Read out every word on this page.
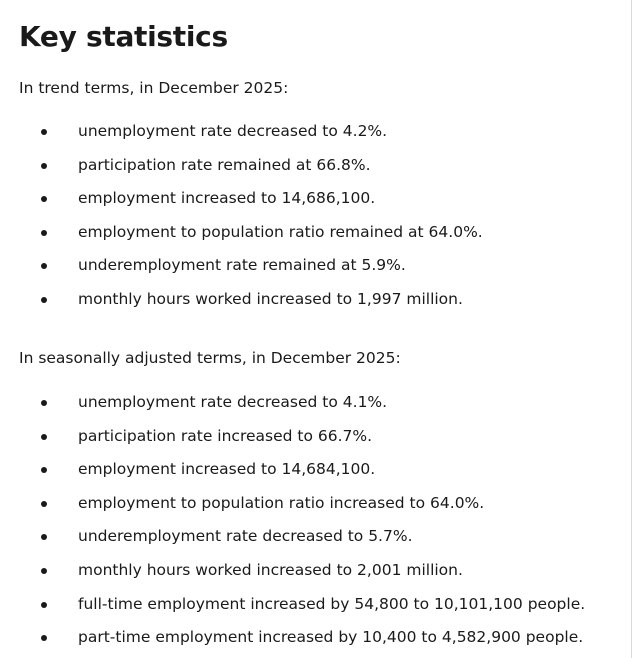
Key statistics

In trend terms, in December 2025:

unemployment rate decreased to 4.2%.
participation rate remained at 66.8%.
employment increased to 14,686,100.
employment to population ratio remained at 64.0%.
underemployment rate remained at 5.9%.
monthly hours worked increased to 1,997 million.

In seasonally adjusted terms, in December 2025:

unemployment rate decreased to 4.1%.
participation rate increased to 66.7%.
employment increased to 14,684,100.
employment to population ratio increased to 64.0%.
underemployment rate decreased to 5.7%.
monthly hours worked increased to 2,001 million.
full-time employment increased by 54,800 to 10,101,100 people.
part-time employment increased by 10,400 to 4,582,900 people.
